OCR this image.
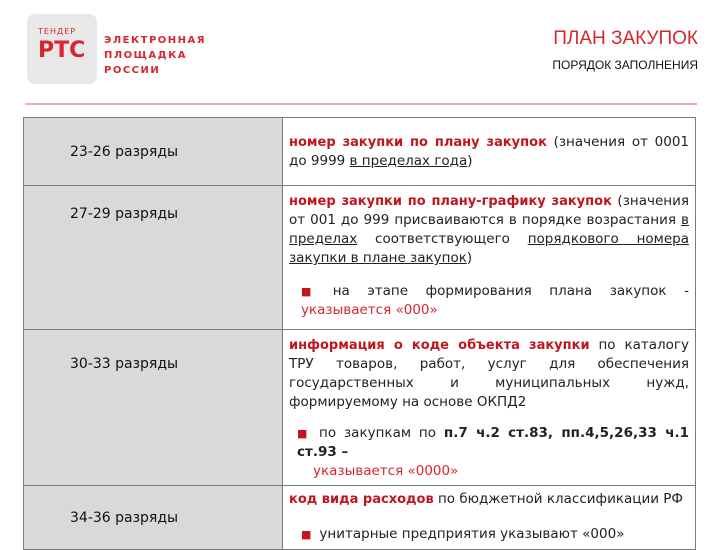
ТЕНДЕР
РТС ЭЛЕКТРОННАЯ
ПЛОЩАДКА
РОССИИ
ПЛАН ЗАКУПОК
ПОРЯДОК ЗАПОЛНЕНИЯ
23-26 разряды	номер закупки по плану закупок (значения от 0001 до 9999 в пределах года)
27-29 разряды	номер закупки по плану-графику закупок (значения от 001 до 999 присваиваются в порядке возрастания в пределах соответствующего порядкового номера закупки в плане закупок)
■ на этапе формирования плана закупок - указывается «000»

30-33 разряды	информация о коде объекта закупки по каталогу ТРУ товаров, работ, услуг для обеспечения государственных и муниципальных нужд, формируемому на основе ОКПД2
■ по закупкам по п.7 ч.2 ст.83, пп.4,5,26,33 ч.1 ст.93 –
указывается «0000»

34-36 разряды	код вида расходов по бюджетной классификации РФ
■ унитарные предприятия указывают «000»
